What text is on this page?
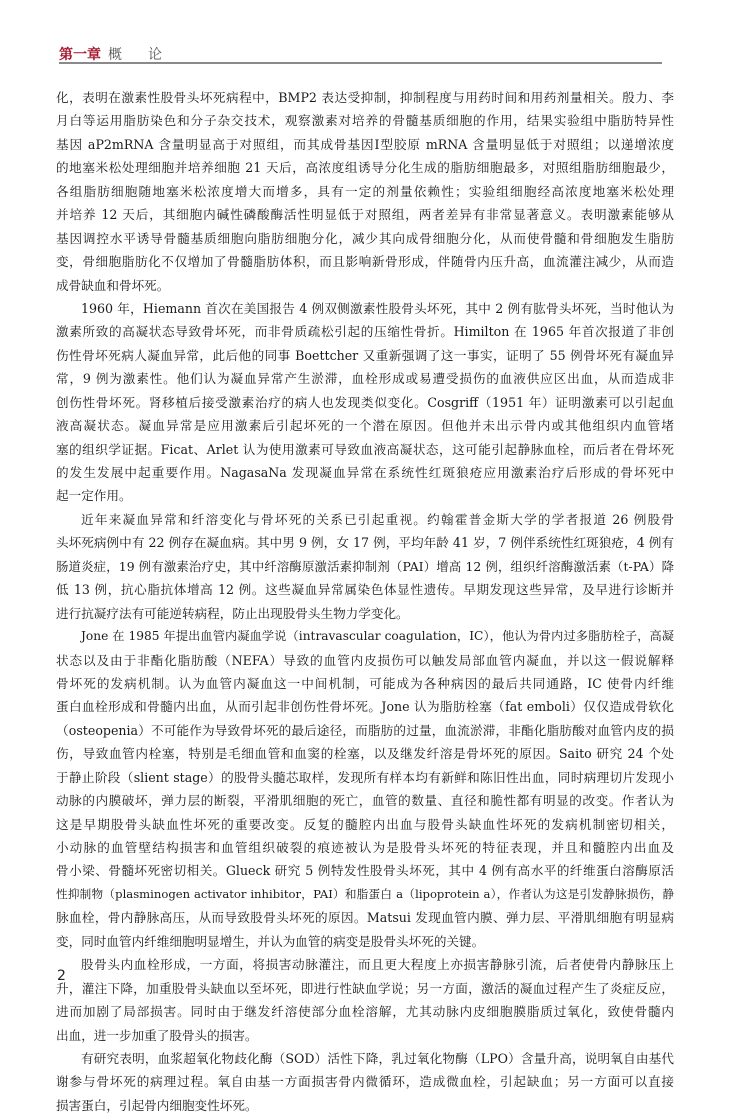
第一章 概论
化，表明在激素性股骨头坏死病程中，BMP2 表达受抑制，抑制程度与用药时间和用药剂量相关。殷力、李
月白等运用脂肪染色和分子杂交技术，观察激素对培养的骨髓基质细胞的作用，结果实验组中脂肪特异性
基因 aP2mRNA 含量明显高于对照组，而其成骨基因Ⅰ型胶原 mRNA 含量明显低于对照组；以递增浓度
的地塞米松处理细胞并培养细胞 21 天后，高浓度组诱导分化生成的脂肪细胞最多，对照组脂肪细胞最少，
各组脂肪细胞随地塞米松浓度增大而增多，具有一定的剂量依赖性；实验组细胞经高浓度地塞米松处理
并培养 12 天后，其细胞内碱性磷酸酶活性明显低于对照组，两者差异有非常显著意义。表明激素能够从
基因调控水平诱导骨髓基质细胞向脂肪细胞分化，减少其向成骨细胞分化，从而使骨髓和骨细胞发生脂肪
变，骨细胞脂肪化不仅增加了骨髓脂肪体积，而且影响新骨形成，伴随骨内压升高，血流灌注减少，从而造
成骨缺血和骨坏死。
1960 年，Hiemann 首次在美国报告 4 例双侧激素性股骨头坏死，其中 2 例有肱骨头坏死，当时他认为
激素所致的高凝状态导致骨坏死，而非骨质疏松引起的压缩性骨折。Himilton 在 1965 年首次报道了非创
伤性骨坏死病人凝血异常，此后他的同事 Boettcher 又重新强调了这一事实，证明了 55 例骨坏死有凝血异
常，9 例为激素性。他们认为凝血异常产生淤滞，血栓形成或易遭受损伤的血液供应区出血，从而造成非
创伤性骨坏死。肾移植后接受激素治疗的病人也发现类似变化。Cosgriff（1951 年）证明激素可以引起血
液高凝状态。凝血异常是应用激素后引起坏死的一个潜在原因。但他并未出示骨内或其他组织内血管堵
塞的组织学证据。Ficat、Arlet 认为使用激素可导致血液高凝状态，这可能引起静脉血栓，而后者在骨坏死
的发生发展中起重要作用。NagasaNa 发现凝血异常在系统性红斑狼疮应用激素治疗后形成的骨坏死中
起一定作用。
近年来凝血异常和纤溶变化与骨坏死的关系已引起重视。约翰霍普金斯大学的学者报道 26 例股骨
头坏死病例中有 22 例存在凝血病。其中男 9 例，女 17 例，平均年龄 41 岁，7 例伴系统性红斑狼疮，4 例有
肠道炎症，19 例有激素治疗史，其中纤溶酶原激活素抑制剂（PAI）增高 12 例，组织纤溶酶激活素（t-PA）降
低 13 例，抗心脂抗体增高 12 例。这些凝血异常属染色体显性遗传。早期发现这些异常，及早进行诊断并
进行抗凝疗法有可能逆转病程，防止出现股骨头生物力学变化。
Jone 在 1985 年提出血管内凝血学说（intravascular coagulation，IC），他认为骨内过多脂肪栓子，高凝
状态以及由于非酯化脂肪酸（NEFA）导致的血管内皮损伤可以触发局部血管内凝血，并以这一假说解释
骨坏死的发病机制。认为血管内凝血这一中间机制，可能成为各种病因的最后共同通路，IC 使骨内纤维
蛋白血栓形成和骨髓内出血，从而引起非创伤性骨坏死。Jone 认为脂肪栓塞（fat emboli）仅仅造成骨软化
（osteopenia）不可能作为导致骨坏死的最后途径，而脂肪的过量，血流淤滞，非酯化脂肪酸对血管内皮的损
伤，导致血管内栓塞，特别是毛细血管和血窦的栓塞，以及继发纤溶是骨坏死的原因。Saito 研究 24 个处
于静止阶段（slient stage）的股骨头髓芯取样，发现所有样本均有新鲜和陈旧性出血，同时病理切片发现小
动脉的内膜破坏，弹力层的断裂，平滑肌细胞的死亡，血管的数量、直径和脆性都有明显的改变。作者认为
这是早期股骨头缺血性坏死的重要改变。反复的髓腔内出血与股骨头缺血性坏死的发病机制密切相关，
小动脉的血管壁结构损害和血管组织破裂的痕迹被认为是股骨头坏死的特征表现，并且和髓腔内出血及
骨小梁、骨髓坏死密切相关。Glueck 研究 5 例特发性股骨头坏死，其中 4 例有高水平的纤维蛋白溶酶原活
性抑制物（plasminogen activator inhibitor，PAI）和脂蛋白 a（lipoprotein a），作者认为这是引发静脉损伤，静
脉血栓，骨内静脉高压，从而导致股骨头坏死的原因。Matsui 发现血管内膜、弹力层、平滑肌细胞有明显病
变，同时血管内纤维细胞明显增生，并认为血管的病变是股骨头坏死的关键。
股骨头内血栓形成，一方面，将损害动脉灌注，而且更大程度上亦损害静脉引流，后者使骨内静脉压上
升，灌注下降，加重股骨头缺血以至坏死，即进行性缺血学说；另一方面，激活的凝血过程产生了炎症反应，
进而加剧了局部损害。同时由于继发纤溶使部分血栓溶解，尤其动脉内皮细胞膜脂质过氧化，致使骨髓内
出血，进一步加重了股骨头的损害。
有研究表明，血浆超氧化物歧化酶（SOD）活性下降，乳过氧化物酶（LPO）含量升高，说明氧自由基代
谢参与骨坏死的病理过程。氧自由基一方面损害骨内微循环，造成微血栓，引起缺血；另一方面可以直接
损害蛋白，引起骨内细胞变性坏死。
2
